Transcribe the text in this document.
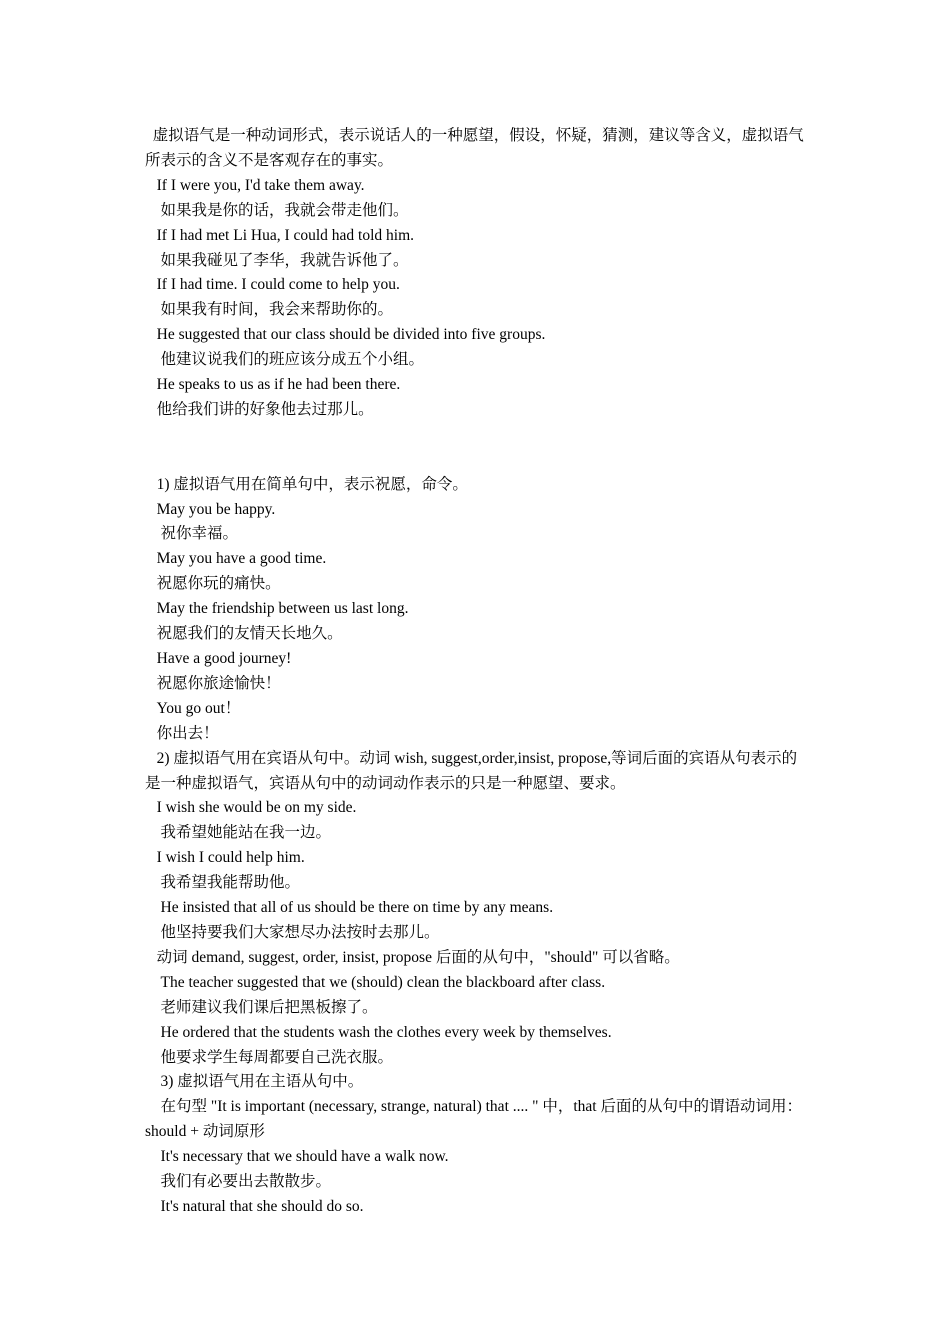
虚拟语气是一种动词形式，表示说话人的一种愿望，假设，怀疑，猜测，建议等含义，虚拟语气所表示的含义不是客观存在的事实。

If I were you, I'd take them away.

如果我是你的话，我就会带走他们。

If I had met Li Hua, I could had told him.

如果我碰见了李华，我就告诉他了。

If I had time. I could come to help you.

如果我有时间，我会来帮助你的。

He suggested that our class should be divided into five groups.

他建议说我们的班应该分成五个小组。

He speaks to us as if he had been there.

他给我们讲的好象他去过那儿。

1) 虚拟语气用在简单句中，表示祝愿，命令。

May you be happy.

祝你幸福。

May you have a good time.

祝愿你玩的痛快。

May the friendship between us last long.

祝愿我们的友情天长地久。

Have a good journey!

祝愿你旅途愉快！

You go out！

你出去！

2) 虚拟语气用在宾语从句中。动词 wish, suggest,order,insist, propose,等词后面的宾语从句表示的是一种虚拟语气，宾语从句中的动词动作表示的只是一种愿望、要求。

I wish she would be on my side.

我希望她能站在我一边。

I wish I could help him.

我希望我能帮助他。

He insisted that all of us should be there on time by any means.

他坚持要我们大家想尽办法按时去那儿。

动词 demand, suggest, order, insist, propose 后面的从句中，"should" 可以省略。

The teacher suggested that we (should) clean the blackboard after class.

老师建议我们课后把黑板擦了。

He ordered that the students wash the clothes every week by themselves.

他要求学生每周都要自己洗衣服。

3) 虚拟语气用在主语从句中。

在句型 "It is important (necessary, strange, natural) that .... " 中，that 后面的从句中的谓语动词用：  should + 动词原形

It's necessary that we should have a walk now.

我们有必要出去散散步。

It's natural that she should do so.
